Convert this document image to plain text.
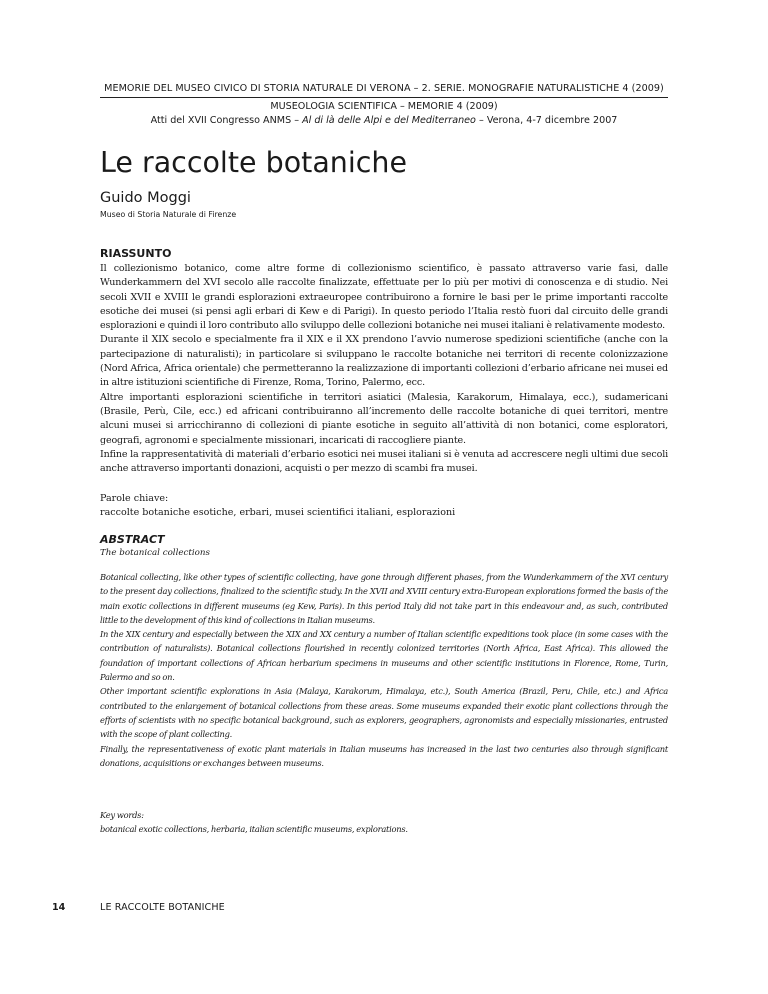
MEMORIE DEL MUSEO CIVICO DI STORIA NATURALE DI VERONA – 2. SERIE. MONOGRAFIE NATURALISTICHE 4 (2009)
MUSEOLOGIA SCIENTIFICA – MEMORIE 4 (2009)
Atti del XVII Congresso ANMS – Al di là delle Alpi e del Mediterraneo – Verona, 4-7 dicembre 2007
Le raccolte botaniche
Guido Moggi
Museo di Storia Naturale di Firenze
RIASSUNTO

Il collezionismo botanico, come altre forme di collezionismo scientifico, è passato attraverso varie fasi, dalle Wunderkammern del XVI secolo alle raccolte finalizzate, effettuate per lo più per motivi di conoscenza e di studio. Nei secoli XVII e XVIII le grandi esplorazioni extraeuropee contribuirono a fornire le basi per le prime importanti raccolte esotiche dei musei (si pensi agli erbari di Kew e di Parigi). In questo periodo l’Italia restò fuori dal circuito delle grandi esplorazioni e quindi il loro contributo allo sviluppo delle collezioni botaniche nei musei italiani è relativamente modesto.

Durante il XIX secolo e specialmente fra il XIX e il XX prendono l’avvio numerose spedizioni scientifiche (anche con la partecipazione di naturalisti); in particolare si sviluppano le raccolte botaniche nei territori di recente colonizzazione (Nord Africa, Africa orientale) che permetteranno la realizzazione di importanti collezioni d’erbario africane nei musei ed in altre istituzioni scientifiche di Firenze, Roma, Torino, Palermo, ecc.

Altre importanti esplorazioni scientifiche in territori asiatici (Malesia, Karakorum, Himalaya, ecc.), sudamericani (Brasile, Perù, Cile, ecc.) ed africani contribuiranno all’incremento delle raccolte botaniche di quei territori, mentre alcuni musei si arricchiranno di collezioni di piante esotiche in seguito all’attività di non botanici, come esploratori, geografi, agronomi e specialmente missionari, incaricati di raccogliere piante.

Infine la rappresentatività di materiali d’erbario esotici nei musei italiani si è venuta ad accrescere negli ultimi due secoli anche attraverso importanti donazioni, acquisti o per mezzo di scambi fra musei.

Parole chiave:

raccolte botaniche esotiche, erbari, musei scientifici italiani, esplorazioni

ABSTRACT
The botanical collections

Botanical collecting, like other types of scientific collecting, have gone through different phases, from the Wunderkammern of the XVI century to the present day collections, finalized to the scientific study. In the XVII and XVIII century extra-European explorations formed the basis of the main exotic collections in different museums (eg Kew, Paris). In this period Italy did not take part in this endeavour and, as such, contributed little to the development of this kind of collections in Italian museums.

In the XIX century and especially between the XIX and XX century a number of Italian scientific expeditions took place (in some cases with the contribution of naturalists). Botanical collections flourished in recently colonized territories (North Africa, East Africa). This allowed the foundation of important collections of African herbarium specimens in museums and other scientific institutions in Florence, Rome, Turin, Palermo and so on.

Other important scientific explorations in Asia (Malaya, Karakorum, Himalaya, etc.), South America (Brazil, Peru, Chile, etc.) and Africa contributed to the enlargement of botanical collections from these areas. Some museums expanded their exotic plant collections through the efforts of scientists with no specific botanical background, such as explorers, geographers, agronomists and especially missionaries, entrusted with the scope of plant collecting.

Finally, the representativeness of exotic plant materials in Italian museums has increased in the last two centuries also through significant donations, acquisitions or exchanges between museums.

Key words:

botanical exotic collections, herbaria, italian scientific museums, explorations.

14	LE RACCOLTE BOTANICHE
